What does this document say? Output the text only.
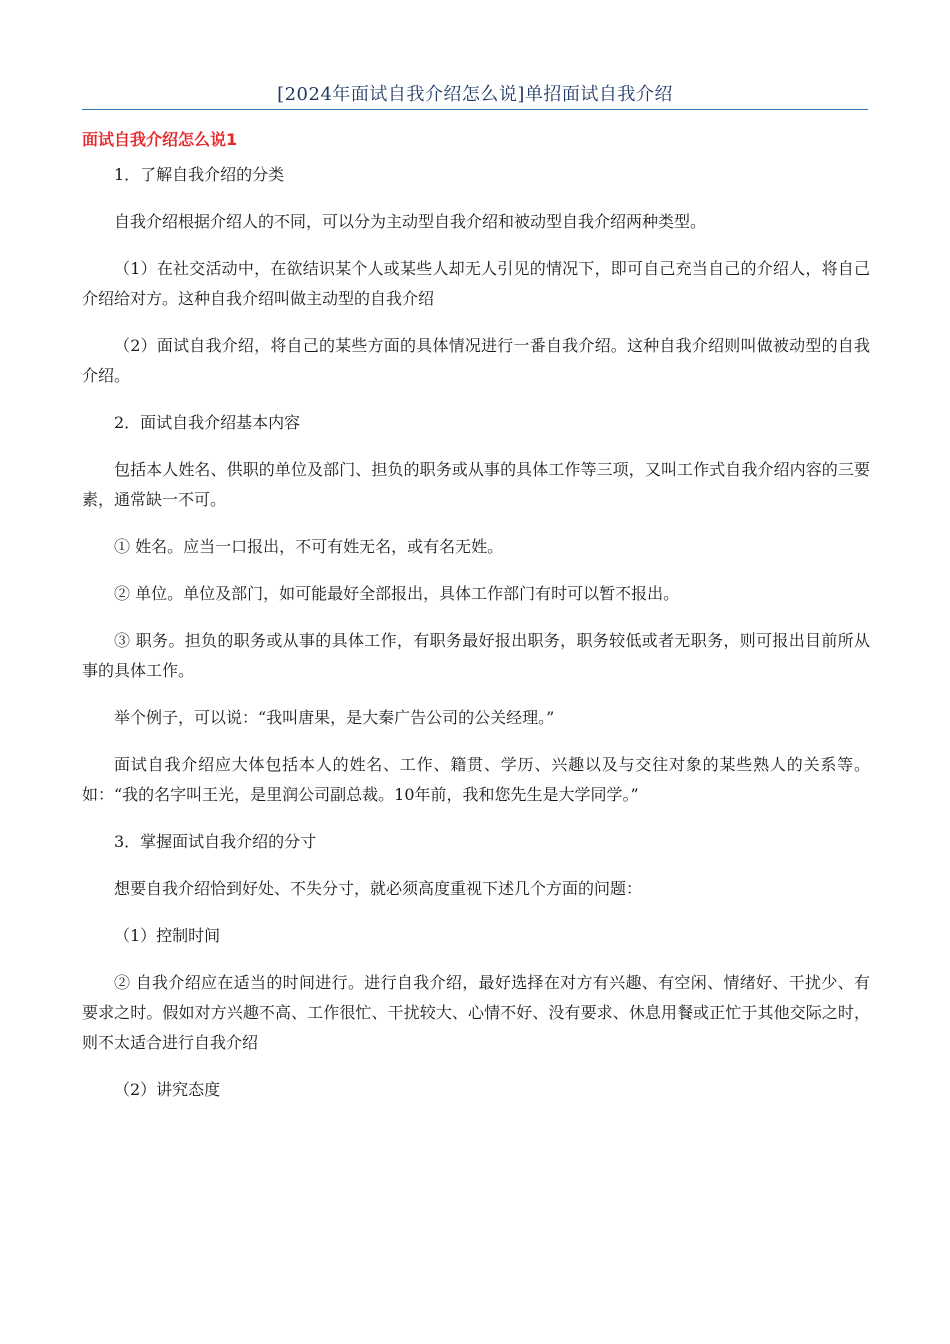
[2024年面试自我介绍怎么说]单招面试自我介绍
面试自我介绍怎么说1

1．了解自我介绍的分类

自我介绍根据介绍人的不同，可以分为主动型自我介绍和被动型自我介绍两种类型。

（1）在社交活动中，在欲结识某个人或某些人却无人引见的情况下，即可自己充当自己的介绍人，将自己介绍给对方。这种自我介绍叫做主动型的自我介绍

（2）面试自我介绍，将自己的某些方面的具体情况进行一番自我介绍。这种自我介绍则叫做被动型的自我介绍。

2．面试自我介绍基本内容

包括本人姓名、供职的单位及部门、担负的职务或从事的具体工作等三项，又叫工作式自我介绍内容的三要素，通常缺一不可。

① 姓名。应当一口报出，不可有姓无名，或有名无姓。

② 单位。单位及部门，如可能最好全部报出，具体工作部门有时可以暂不报出。

③ 职务。担负的职务或从事的具体工作，有职务最好报出职务，职务较低或者无职务，则可报出目前所从事的具体工作。

举个例子，可以说：“我叫唐果，是大秦广告公司的公关经理。”

面试自我介绍应大体包括本人的姓名、工作、籍贯、学历、兴趣以及与交往对象的某些熟人的关系等。如：“我的名字叫王光，是里润公司副总裁。10年前，我和您先生是大学同学。”

3．掌握面试自我介绍的分寸

想要自我介绍恰到好处、不失分寸，就必须高度重视下述几个方面的问题：

（1）控制时间

② 自我介绍应在适当的时间进行。进行自我介绍，最好选择在对方有兴趣、有空闲、情绪好、干扰少、有要求之时。假如对方兴趣不高、工作很忙、干扰较大、心情不好、没有要求、休息用餐或正忙于其他交际之时，则不太适合进行自我介绍

（2）讲究态度
